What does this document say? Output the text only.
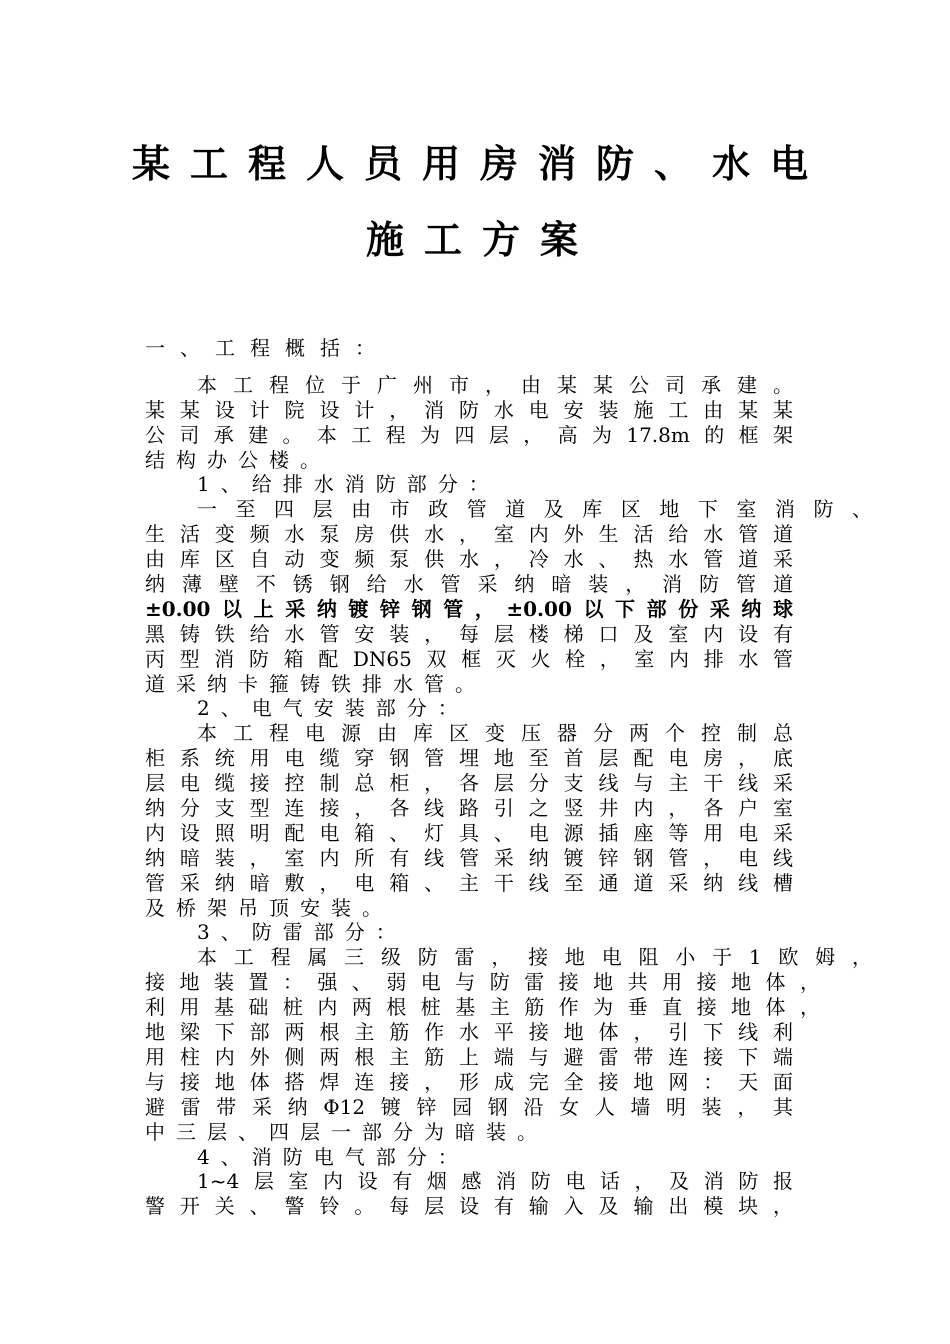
某工程人员用房消防、水电
施工方案
一、工程概括：
本工程位于广州市，由某某公司承建。
某某设计院设计，消防水电安装施工由某某
公司承建。本工程为四层，高为17.8m的框架
结构办公楼。
1、给排水消防部分：
一至四层由市政管道及库区地下室消防、
生活变频水泵房供水，室内外生活给水管道
由库区自动变频泵供水，冷水、热水管道采
纳薄壁不锈钢给水管采纳暗装，消防管道
±0.00以上采纳镀锌钢管，±0.00以下部份采纳球
黑铸铁给水管安装，每层楼梯口及室内设有
丙型消防箱配DN65双框灭火栓，室内排水管
道采纳卡箍铸铁排水管。
2、电气安装部分：
本工程电源由库区变压器分两个控制总
柜系统用电缆穿钢管埋地至首层配电房，底
层电缆接控制总柜，各层分支线与主干线采
纳分支型连接，各线路引之竖井内，各户室
内设照明配电箱、灯具、电源插座等用电采
纳暗装，室内所有线管采纳镀锌钢管，电线
管采纳暗敷，电箱、主干线至通道采纳线槽
及桥架吊顶安装。
3、防雷部分：
本工程属三级防雷，接地电阻小于1欧姆，
接地装置：强、弱电与防雷接地共用接地体，
利用基础桩内两根桩基主筋作为垂直接地体，
地梁下部两根主筋作水平接地体，引下线利
用柱内外侧两根主筋上端与避雷带连接下端
与接地体搭焊连接，形成完全接地网：天面
避雷带采纳Φ12镀锌园钢沿女人墙明装，其
中三层、四层一部分为暗装。
4、消防电气部分：
1~4层室内设有烟感消防电话，及消防报
警开关、警铃。每层设有输入及输出模块，
